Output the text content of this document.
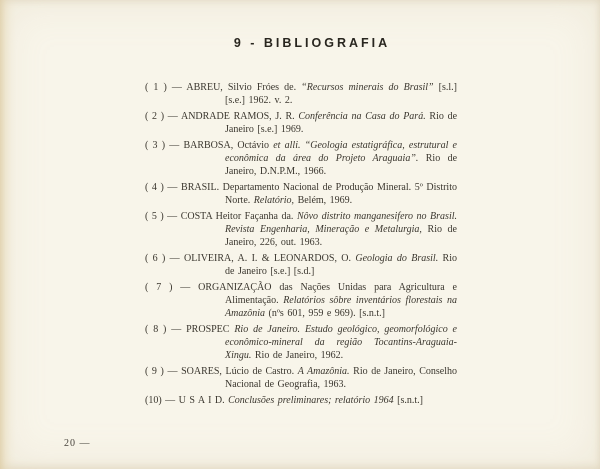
9 - BIBLIOGRAFIA
( 1 ) — ABREU, Silvio Fróes de. “Recursos minerais do Brasil” [s.l.] [s.e.] 1962. v. 2.
( 2 ) — ANDRADE RAMOS, J. R. Conferência na Casa do Pará. Rio de Janeiro [s.e.] 1969.
( 3 ) — BARBOSA, Octávio et alli. “Geologia estatigráfica, estrutural e econômica da área do Projeto Araguaia”. Rio de Janeiro, D.N.P.M., 1966.
( 4 ) — BRASIL. Departamento Nacional de Produção Mineral. 5º Distrito Norte. Relatório, Belém, 1969.
( 5 ) — COSTA Heitor Façanha da. Nôvo distrito manganesifero no Brasil. Revista Engenharia, Mineração e Metalurgia, Rio de Janeiro, 226, out. 1963.
( 6 ) — OLIVEIRA, A. I. & LEONARDOS, O. Geologia do Brasil. Rio de Janeiro [s.e.] [s.d.]
( 7 ) — ORGANIZAÇÃO das Nações Unidas para Agricultura e Alimentação. Relatórios sôbre inventários florestais na Amazônia (nºs 601, 959 e 969). [s.n.t.]
( 8 ) — PROSPEC Rio de Janeiro. Estudo geológico, geomorfológico e econômico-mineral da região Tocantins-Araguaia-Xingu. Rio de Janeiro, 1962.
( 9 ) — SOARES, Lúcio de Castro. A Amazônia. Rio de Janeiro, Conselho Nacional de Geografia, 1963.
(10) — U S A I D. Conclusões preliminares; relatório 1964 [s.n.t.]
20 —
